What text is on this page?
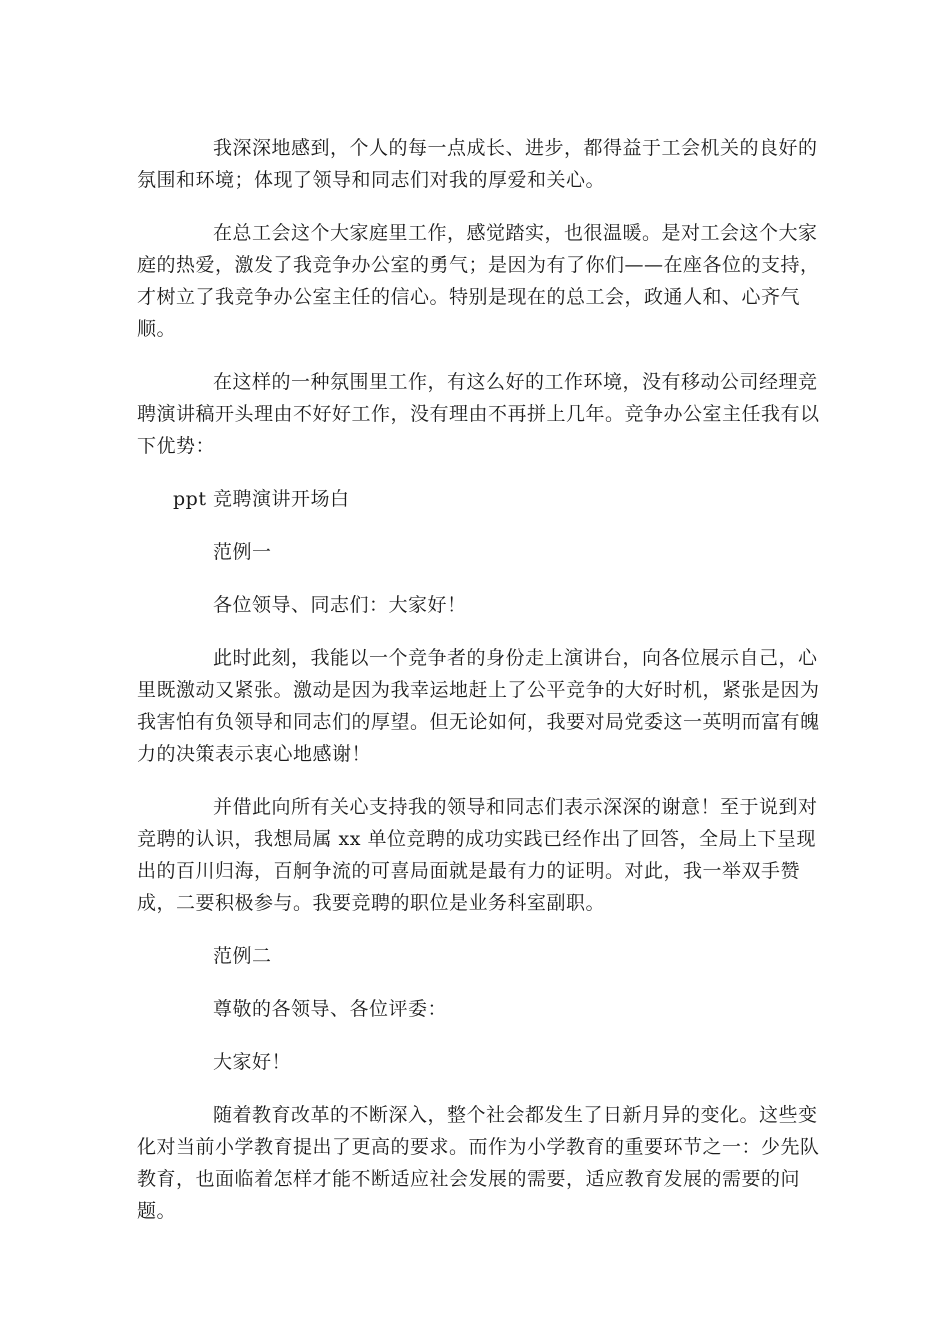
我深深地感到，个人的每一点成长、进步，都得益于工会机关的良好的氛围和环境；体现了领导和同志们对我的厚爱和关心。

在总工会这个大家庭里工作，感觉踏实，也很温暖。是对工会这个大家庭的热爱，激发了我竞争办公室的勇气；是因为有了你们——在座各位的支持，才树立了我竞争办公室主任的信心。特别是现在的总工会，政通人和、心齐气顺。

在这样的一种氛围里工作，有这么好的工作环境，没有移动公司经理竞聘演讲稿开头理由不好好工作，没有理由不再拼上几年。竞争办公室主任我有以下优势：

ppt 竞聘演讲开场白

范例一

各位领导、同志们：大家好！

此时此刻，我能以一个竞争者的身份走上演讲台，向各位展示自己，心里既激动又紧张。激动是因为我幸运地赶上了公平竞争的大好时机，紧张是因为我害怕有负领导和同志们的厚望。但无论如何，我要对局党委这一英明而富有魄力的决策表示衷心地感谢！

并借此向所有关心支持我的领导和同志们表示深深的谢意！至于说到对竞聘的认识，我想局属 xx 单位竞聘的成功实践已经作出了回答，全局上下呈现出的百川归海，百舸争流的可喜局面就是最有力的证明。对此，我一举双手赞成，二要积极参与。我要竞聘的职位是业务科室副职。

范例二

尊敬的各领导、各位评委：

大家好！

随着教育改革的不断深入，整个社会都发生了日新月异的变化。这些变化对当前小学教育提出了更高的要求。而作为小学教育的重要环节之一：少先队教育，也面临着怎样才能不断适应社会发展的需要，适应教育发展的需要的问题。
